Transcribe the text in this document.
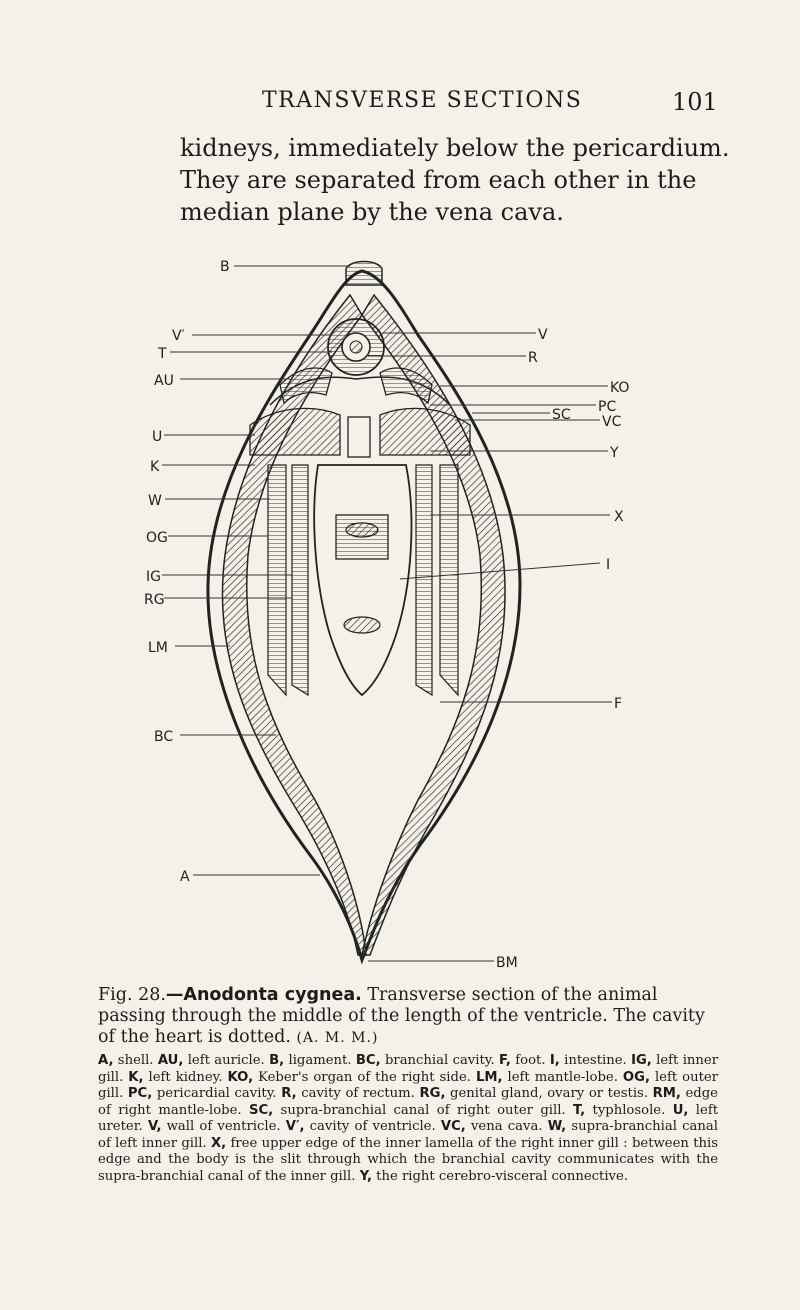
TRANSVERSE SECTIONS	101

kidneys, immediately below the pericardium. They are separated from each other in the median plane by the vena cava.

B
V′
T
AU
U
K
W
OG
IG
RG
LM
BC
A
V
R
KO
PC
SC VC
Y
X
I
F
BM

Fig. 28.—Anodonta cygnea. Transverse section of the animal passing through the middle of the length of the ventricle. The cavity of the heart is dotted. (A. M. M.)

A, shell. AU, left auricle. B, ligament. BC, branchial cavity. F, foot. I, intestine. IG, left inner gill. K, left kidney. KO, Keber's organ of the right side. LM, left mantle-lobe. OG, left outer gill. PC, pericardial cavity. R, cavity of rectum. RG, genital gland, ovary or testis. RM, edge of right mantle-lobe. SC, supra-branchial canal of right outer gill. T, typhlosole. U, left ureter. V, wall of ventricle. V′, cavity of ventricle. VC, vena cava. W, supra-branchial canal of left inner gill. X, free upper edge of the inner lamella of the right inner gill : between this edge and the body is the slit through which the branchial cavity communicates with the supra-branchial canal of the inner gill. Y, the right cerebro-visceral connective.
